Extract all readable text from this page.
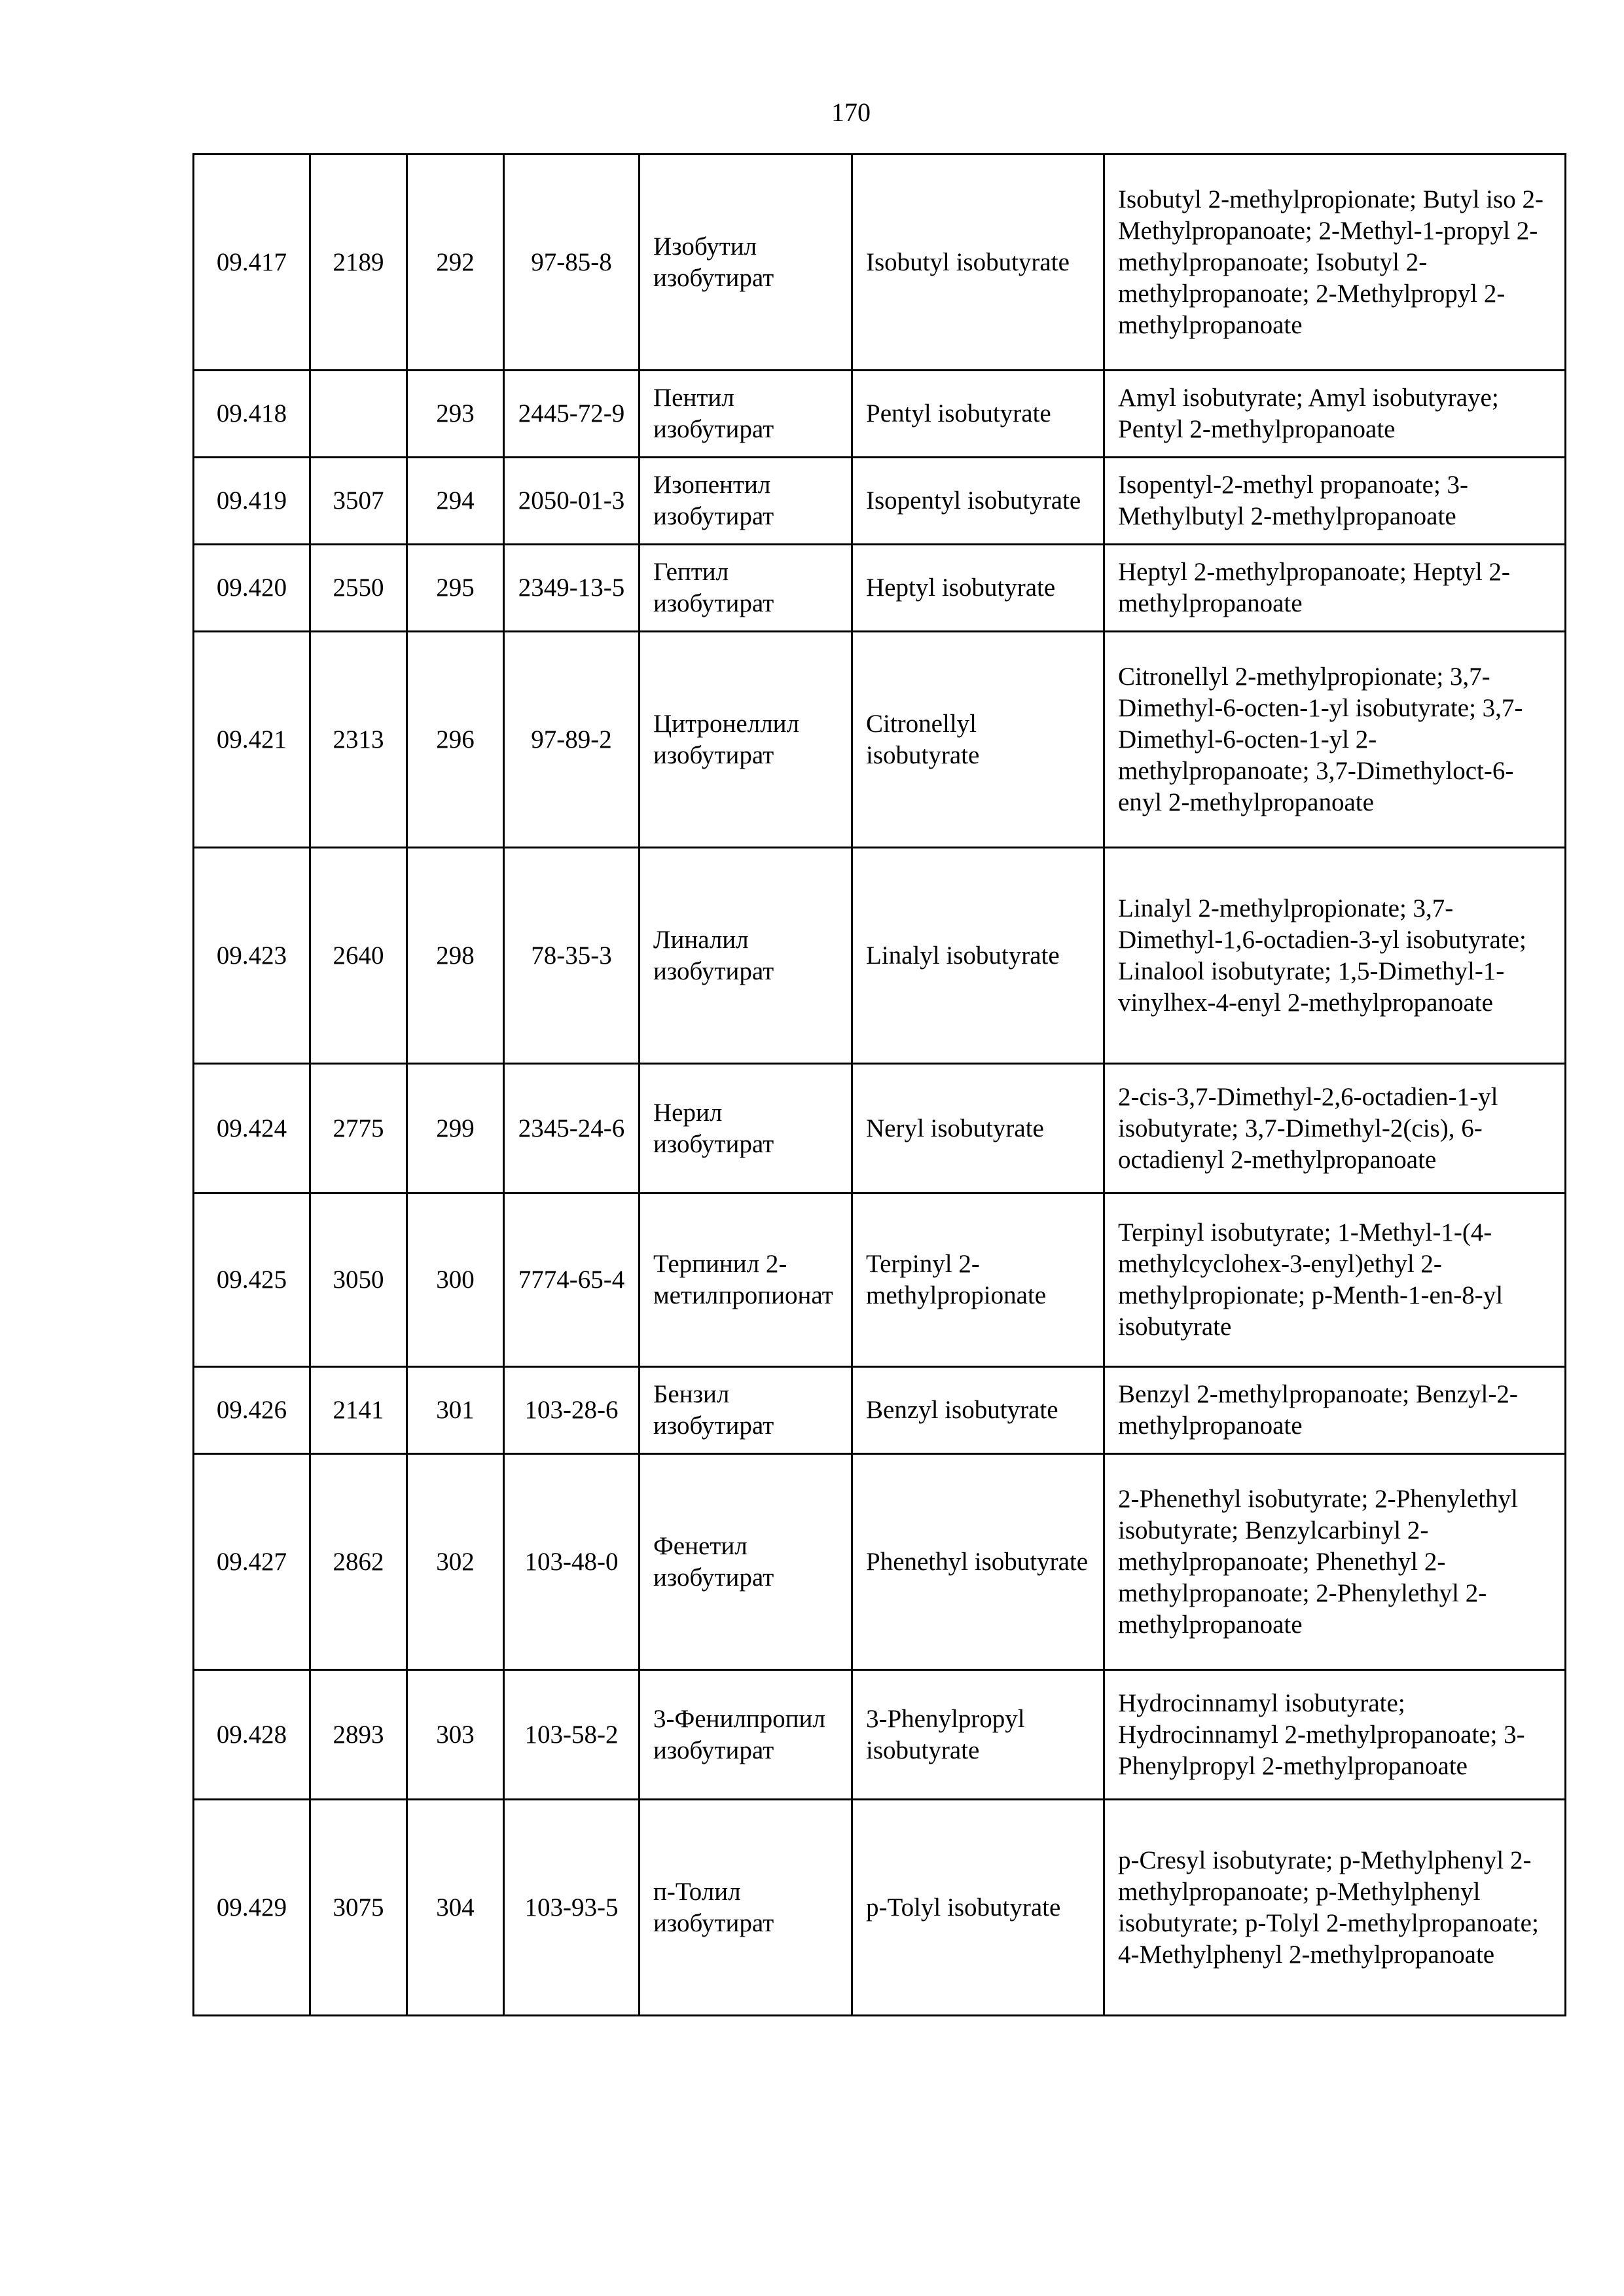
170
09.417	2189	292	97-85-8	Изобутил изобутират	Isobutyl isobutyrate	Isobutyl 2-methylpropionate; Butyl iso 2-Methylpropanoate; 2-Methyl-1-propyl 2-methylpropanoate; Isobutyl 2-methylpropanoate; 2-Methylpropyl 2-methylpropanoate
09.418		293	2445-72-9	Пентил изобутират	Pentyl isobutyrate	Amyl isobutyrate; Amyl isobutyraye; Pentyl 2-methylpropanoate
09.419	3507	294	2050-01-3	Изопентил изобутират	Isopentyl isobutyrate	Isopentyl-2-methyl propanoate; 3-Methylbutyl 2-methylpropanoate
09.420	2550	295	2349-13-5	Гептил изобутират	Heptyl isobutyrate	Heptyl 2-methylpropanoate; Heptyl 2-methylpropanoate
09.421	2313	296	97-89-2	Цитронеллил изобутират	Citronellyl isobutyrate	Citronellyl 2-methylpropionate; 3,7-Dimethyl-6-octen-1-yl isobutyrate; 3,7-Dimethyl-6-octen-1-yl 2-methylpropanoate; 3,7-Dimethyloct-6-enyl 2-methylpropanoate
09.423	2640	298	78-35-3	Линалил изобутират	Linalyl isobutyrate	Linalyl 2-methylpropionate; 3,7-Dimethyl-1,6-octadien-3-yl isobutyrate; Linalool isobutyrate; 1,5-Dimethyl-1-vinylhex-4-enyl 2-methylpropanoate
09.424	2775	299	2345-24-6	Нерил изобутират	Neryl isobutyrate	2-cis-3,7-Dimethyl-2,6-octadien-1-yl isobutyrate; 3,7-Dimethyl-2(cis), 6-octadienyl 2-methylpropanoate
09.425	3050	300	7774-65-4	Терпинил 2-метилпропионат	Terpinyl 2-methylpropionate	Terpinyl isobutyrate; 1-Methyl-1-(4-methylcyclohex-3-enyl)ethyl 2-methylpropionate; p-Menth-1-en-8-yl isobutyrate
09.426	2141	301	103-28-6	Бензил изобутират	Benzyl isobutyrate	Benzyl 2-methylpropanoate; Benzyl-2-methylpropanoate
09.427	2862	302	103-48-0	Фенетил изобутират	Phenethyl isobutyrate	2-Phenethyl isobutyrate; 2-Phenylethyl isobutyrate; Benzylcarbinyl 2-methylpropanoate; Phenethyl 2-methylpropanoate; 2-Phenylethyl 2-methylpropanoate
09.428	2893	303	103-58-2	3-Фенилпропил изобутират	3-Phenylpropyl isobutyrate	Hydrocinnamyl isobutyrate; Hydrocinnamyl 2-methylpropanoate; 3- Phenylpropyl 2-methylpropanoate
09.429	3075	304	103-93-5	п-Толил изобутират	p-Tolyl isobutyrate	p-Cresyl isobutyrate; p-Methylphenyl 2-methylpropanoate; p-Methylphenyl isobutyrate; p-Tolyl 2-methylpropanoate; 4-Methylphenyl 2-methylpropanoate
